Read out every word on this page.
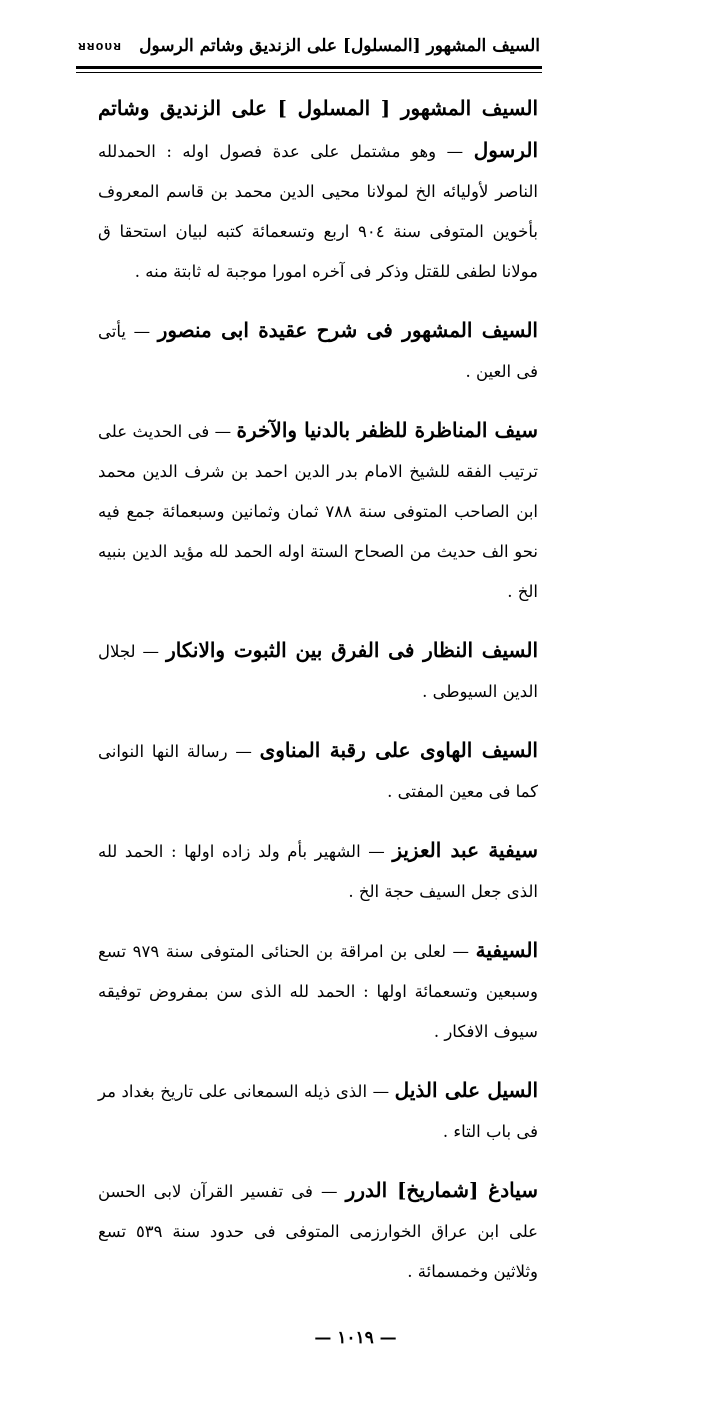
ᴚᴚᴏᴜᴚ السيف المشهور [المسلول] على الزنديق وشاتم الرسول

السيف المشهور [ المسلول ] على الزنديق وشاتم الرسول — وهو مشتمل على عدة فصول اوله : الحمدلله الناصر لأوليائه الخ لمولانا محيى الدين محمد بن قاسم المعروف بأخوين المتوفى سنة ٩٠٤ اربع وتسعمائة كتبه لبيان استحقا ق مولانا لطفى للقتل وذكر فى آخره امورا موجبة له ثابتة منه .

السيف المشهور فى شرح عقيدة ابى منصور — يأتى فى العين .

سيف المناظرة للظفر بالدنيا والآخرة — فى الحديث على ترتيب الفقه للشيخ الامام بدر الدين احمد بن شرف الدين محمد ابن الصاحب المتوفى سنة ٧٨٨ ثمان وثمانين وسبعمائة جمع فيه نحو الف حديث من الصحاح الستة اوله الحمد لله مؤيد الدين بنبيه الخ .

السيف النظار فى الفرق بين الثبوت والانكار — لجلال الدين السيوطى .

السيف الهاوى على رقبة المناوى — رسالة النها النوانى كما فى معين المفتى .

سيفية عبد العزيز — الشهير بأم ولد زاده اولها : الحمد لله الذى جعل السيف حجة الخ .

السيفية — لعلى بن امراقة بن الحنائى المتوفى سنة ٩٧٩ تسع وسبعين وتسعمائة اولها : الحمد لله الذى سن بمفروض توفيقه سيوف الافكار .

السيل على الذيل — الذى ذيله السمعانى على تاريخ بغداد مر فى باب التاء .

سيادغ [شماريخ] الدرر — فى تفسير القرآن لابى الحسن على ابن عراق الخوارزمى المتوفى فى حدود سنة ٥٣٩ تسع وثلاثين وخمسمائة .

— ١٠١٩ —
